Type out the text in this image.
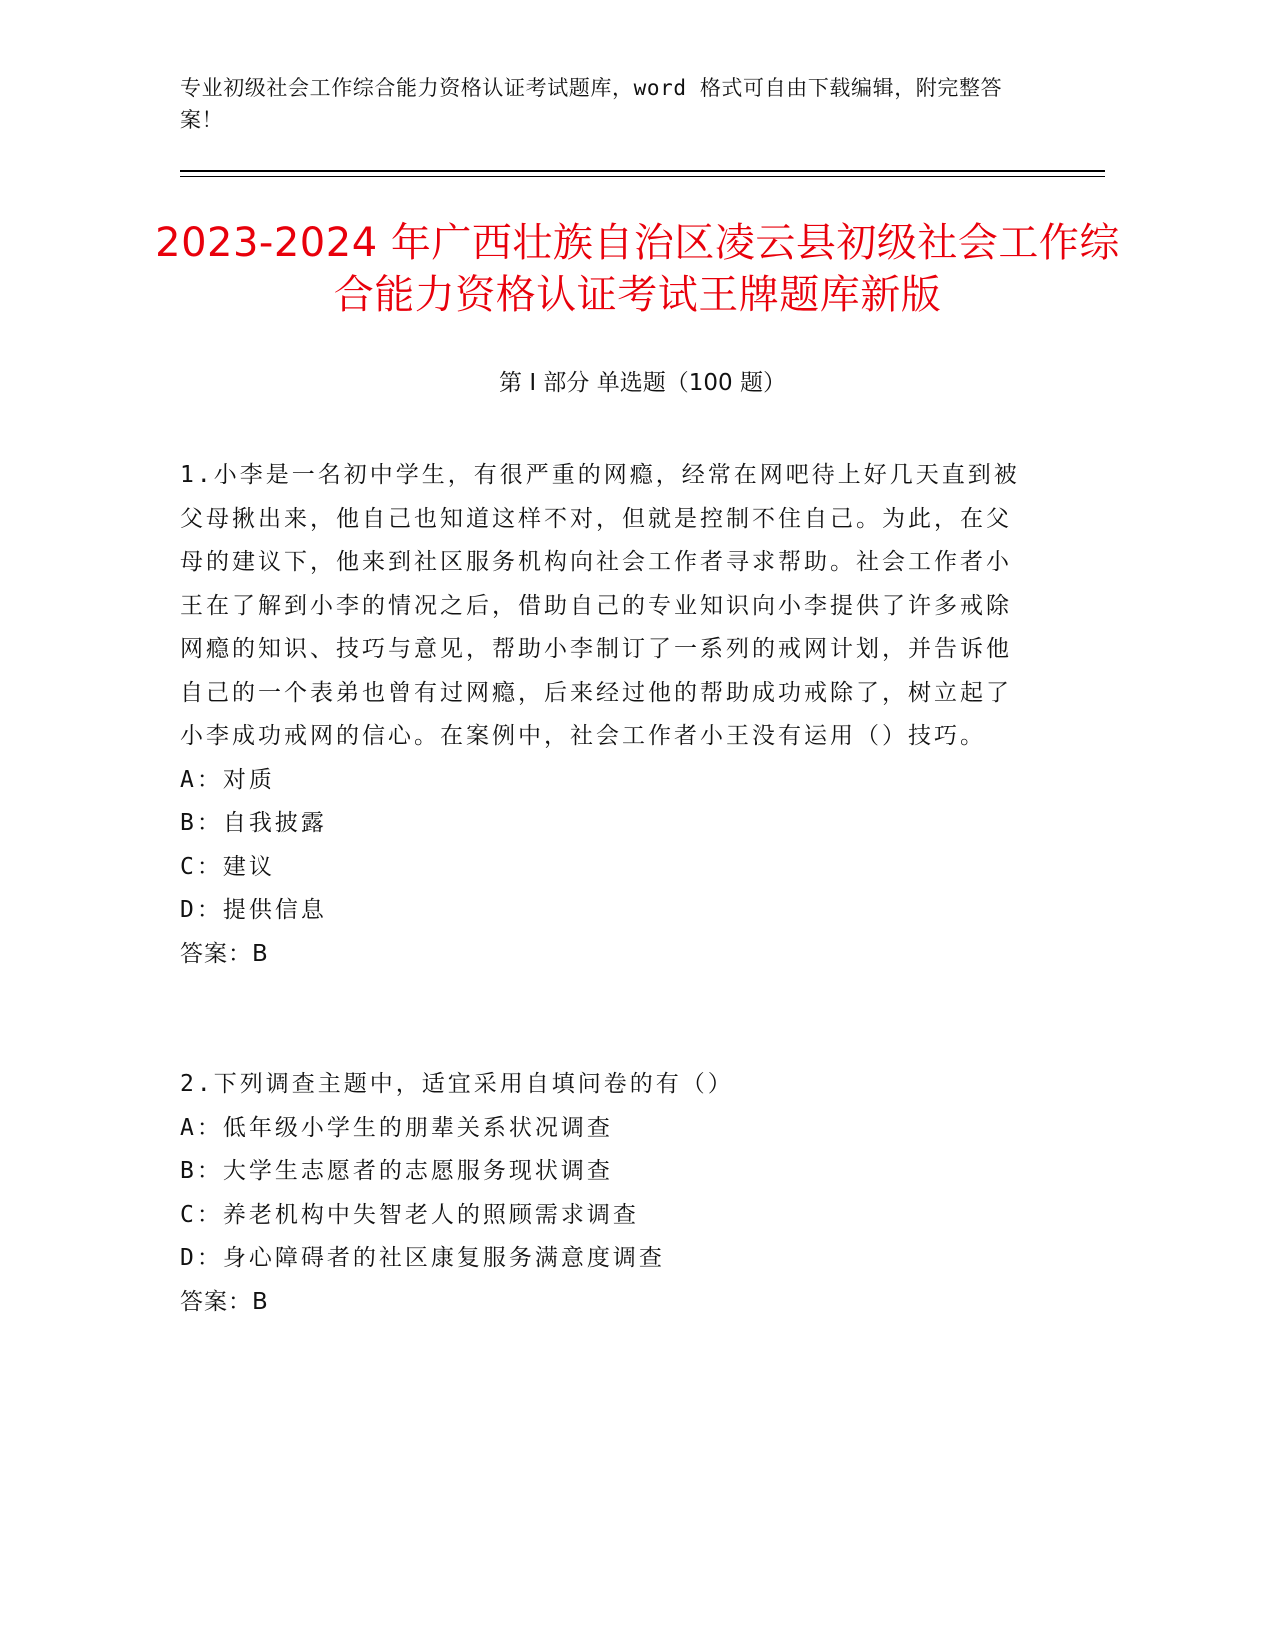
专业初级社会工作综合能力资格认证考试题库，word 格式可自由下载编辑，附完整答案！
2023-2024 年广西壮族自治区凌云县初级社会工作综合能力资格认证考试王牌题库新版
第 I 部分 单选题（100 题）

1.小李是一名初中学生，有很严重的网瘾，经常在网吧待上好几天直到被父母揪出来，他自己也知道这样不对，但就是控制不住自己。为此，在父母的建议下，他来到社区服务机构向社会工作者寻求帮助。社会工作者小王在了解到小李的情况之后，借助自己的专业知识向小李提供了许多戒除网瘾的知识、技巧与意见，帮助小李制订了一系列的戒网计划，并告诉他自己的一个表弟也曾有过网瘾，后来经过他的帮助成功戒除了，树立起了小李成功戒网的信心。在案例中，社会工作者小王没有运用（）技巧。

A：对质

B：自我披露

C：建议

D：提供信息

答案：B

2.下列调查主题中，适宜采用自填问卷的有（）

A：低年级小学生的朋辈关系状况调查

B：大学生志愿者的志愿服务现状调查

C：养老机构中失智老人的照顾需求调查

D：身心障碍者的社区康复服务满意度调查

答案：B
